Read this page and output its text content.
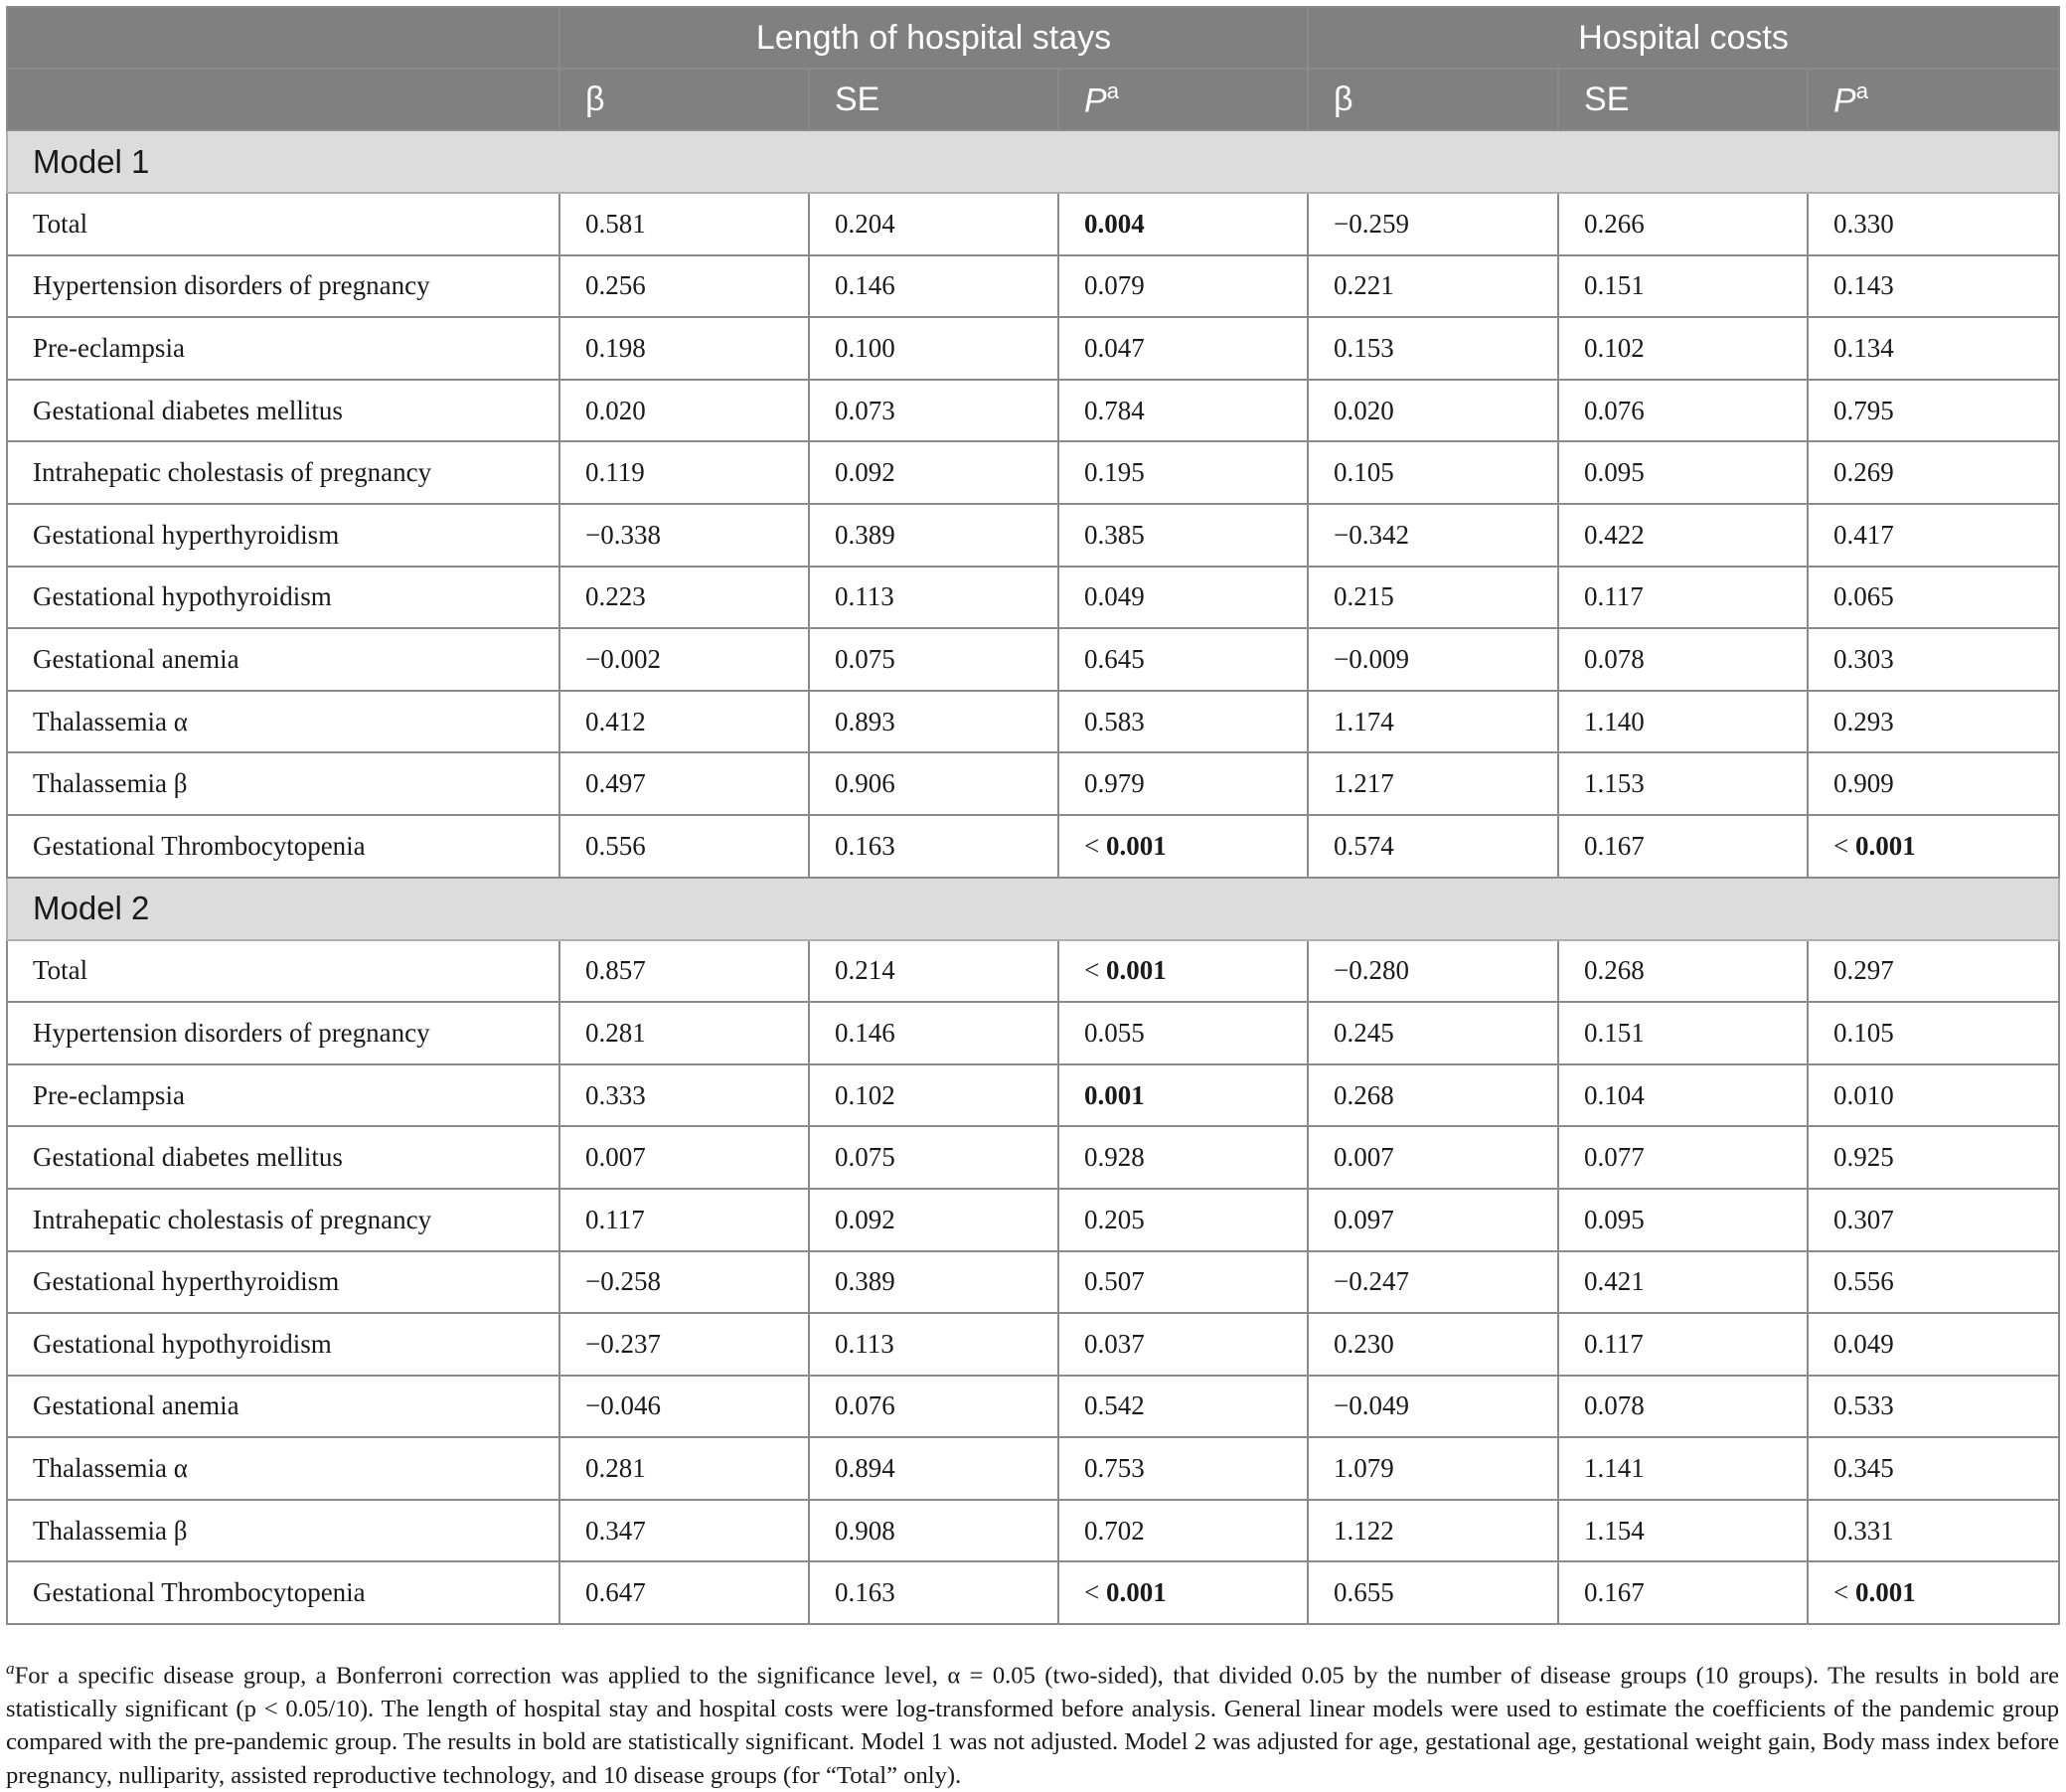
	Length of hospital stays			Hospital costs		
	β	SE	$P^a$	β	SE	$P^a$
Model 1						
Total	0.581	0.204	0.004	−0.259	0.266	0.330
Hypertension disorders of pregnancy	0.256	0.146	0.079	0.221	0.151	0.143
Pre-eclampsia	0.198	0.100	0.047	0.153	0.102	0.134
Gestational diabetes mellitus	0.020	0.073	0.784	0.020	0.076	0.795
Intrahepatic cholestasis of pregnancy	0.119	0.092	0.195	0.105	0.095	0.269
Gestational hyperthyroidism	−0.338	0.389	0.385	−0.342	0.422	0.417
Gestational hypothyroidism	0.223	0.113	0.049	0.215	0.117	0.065
Gestational anemia	−0.002	0.075	0.645	−0.009	0.078	0.303
Thalassemia α	0.412	0.893	0.583	1.174	1.140	0.293
Thalassemia β	0.497	0.906	0.979	1.217	1.153	0.909
Gestational Thrombocytopenia	0.556	0.163	< 0.001	0.574	0.167	< 0.001
Model 2						
Total	0.857	0.214	< 0.001	−0.280	0.268	0.297
Hypertension disorders of pregnancy	0.281	0.146	0.055	0.245	0.151	0.105
Pre-eclampsia	0.333	0.102	0.001	0.268	0.104	0.010
Gestational diabetes mellitus	0.007	0.075	0.928	0.007	0.077	0.925
Intrahepatic cholestasis of pregnancy	0.117	0.092	0.205	0.097	0.095	0.307
Gestational hyperthyroidism	−0.258	0.389	0.507	−0.247	0.421	0.556
Gestational hypothyroidism	−0.237	0.113	0.037	0.230	0.117	0.049
Gestational anemia	−0.046	0.076	0.542	−0.049	0.078	0.533
Thalassemia α	0.281	0.894	0.753	1.079	1.141	0.345
Thalassemia β	0.347	0.908	0.702	1.122	1.154	0.331
Gestational Thrombocytopenia	0.647	0.163	< 0.001	0.655	0.167	< 0.001

$^a$For a specific disease group, a Bonferroni correction was applied to the significance level, α = 0.05 (two-sided), that divided 0.05 by the number of disease groups (10 groups). The results in bold are statistically significant (p < 0.05/10). The length of hospital stay and hospital costs were log-transformed before analysis. General linear models were used to estimate the coefficients of the pandemic group compared with the pre-pandemic group. The results in bold are statistically significant. Model 1 was not adjusted. Model 2 was adjusted for age, gestational age, gestational weight gain, Body mass index before pregnancy, nulliparity, assisted reproductive technology, and 10 disease groups (for “Total” only).
